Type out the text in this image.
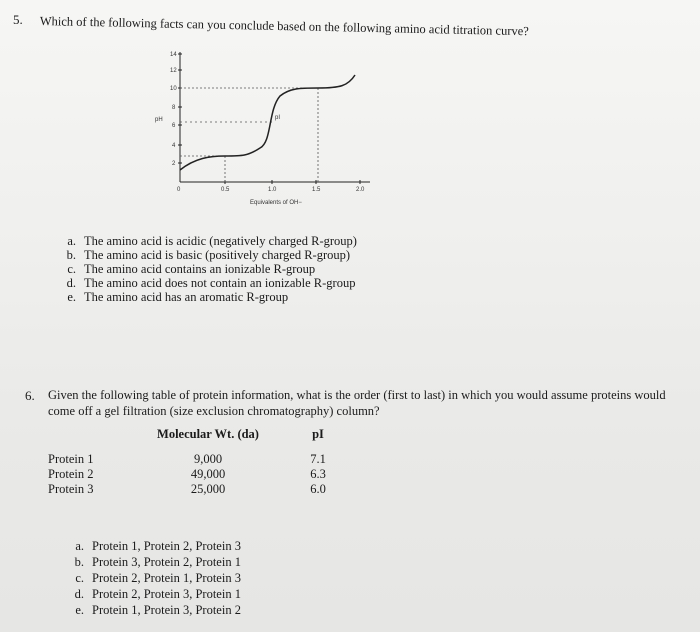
5. Which of the following facts can you conclude based on the following amino acid titration curve?
14
12
10
8
6
4
2
0	0.5	1.0	1.5	2.0
pH
Equivalents of OH−
pI
a. The amino acid is acidic (negatively charged R-group)
b. The amino acid is basic (positively charged R-group)
c. The amino acid contains an ionizable R-group
d. The amino acid does not contain an ionizable R-group
e. The amino acid has an aromatic R-group
6. Given the following table of protein information, what is the order (first to last) in which you would assume proteins would come off a gel filtration (size exclusion chromatography) column?
Molecular Wt. (da)	pI
Protein 1	9,000	7.1
Protein 2	49,000	6.3
Protein 3	25,000	6.0
a. Protein 1, Protein 2, Protein 3
b. Protein 3, Protein 2, Protein 1
c. Protein 2, Protein 1, Protein 3
d. Protein 2, Protein 3, Protein 1
e. Protein 1, Protein 3, Protein 2
